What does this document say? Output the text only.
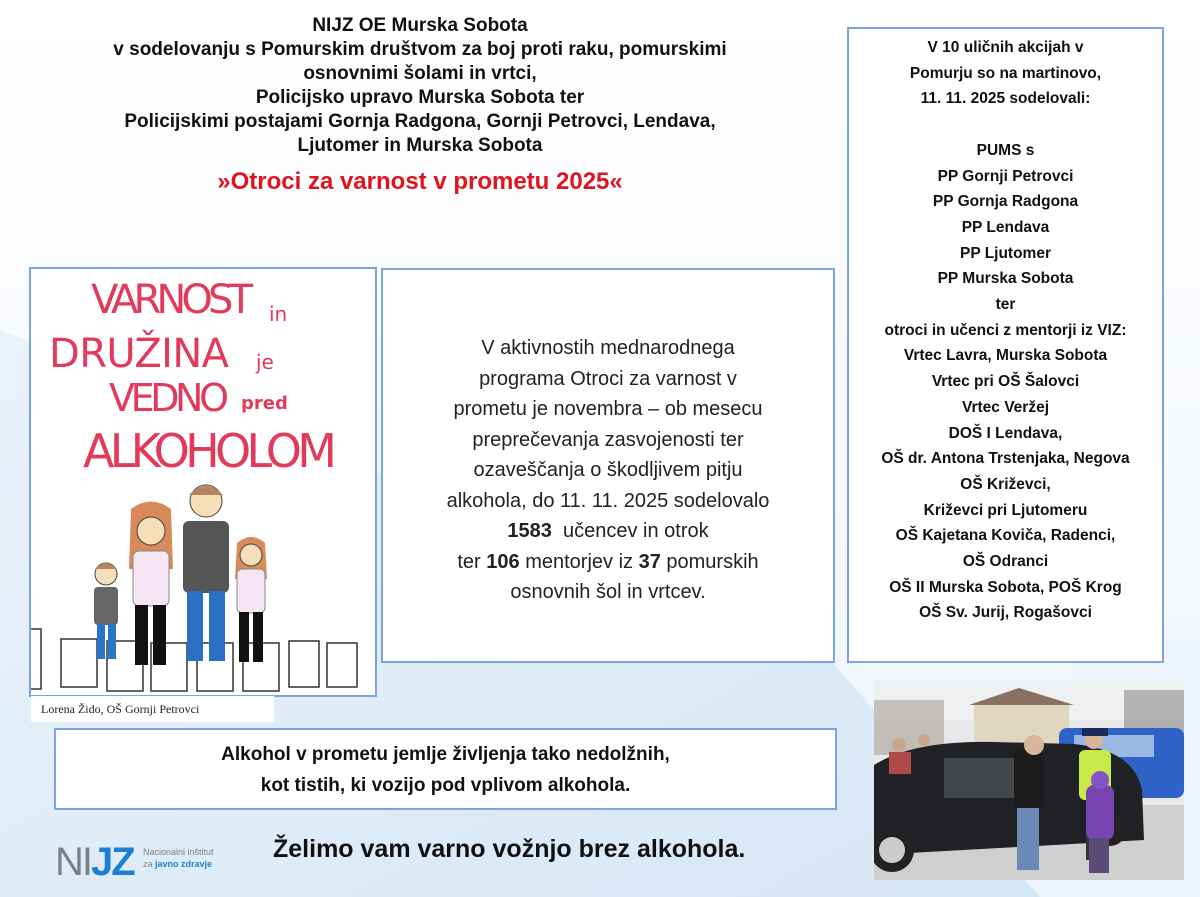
NIJZ OE Murska Sobota
v sodelovanju s Pomurskim društvom za boj proti raku, pomurskimi
osnovnimi šolami in vrtci,
Policijsko upravo Murska Sobota ter
Policijskimi postajami Gornja Radgona, Gornji Petrovci, Lendava,
Ljutomer in Murska Sobota
»Otroci za varnost v prometu 2025«
VARNOST in
DRUŽINA je
VEDNO pred
ALKOHOLOM
Lorena Žido, OŠ Gornji Petrovci

V aktivnostih mednarodnega
programa Otroci za varnost v
prometu je novembra – ob mesecu
preprečevanja zasvojenosti ter
ozaveščanja o škodljivem pitju
alkohola, do 11. 11. 2025 sodelovalo
1583  učencev in otrok
ter 106 mentorjev iz 37 pomurskih
osnovnih šol in vrtcev.

V 10 uličnih akcijah v
Pomurju so na martinovo,
11. 11. 2025 sodelovali:

PUMS s
PP Gornji Petrovci
PP Gornja Radgona
PP Lendava
PP Ljutomer
PP Murska Sobota
ter
otroci in učenci z mentorji iz VIZ:
Vrtec Lavra, Murska Sobota
Vrtec pri OŠ Šalovci
Vrtec Veržej
DOŠ I Lendava,
OŠ dr. Antona Trstenjaka, Negova
OŠ Križevci,
Križevci pri Ljutomeru
OŠ Kajetana Koviča, Radenci,
OŠ Odranci
OŠ II Murska Sobota, POŠ Krog
OŠ Sv. Jurij, Rogašovci
Alkohol v prometu jemlje življenja tako nedolžnih,
kot tistih, ki vozijo pod vplivom alkohola.
NIJZ Nacionalni inštitut
za javno zdravje
Želimo vam varno vožnjo brez alkohola.
